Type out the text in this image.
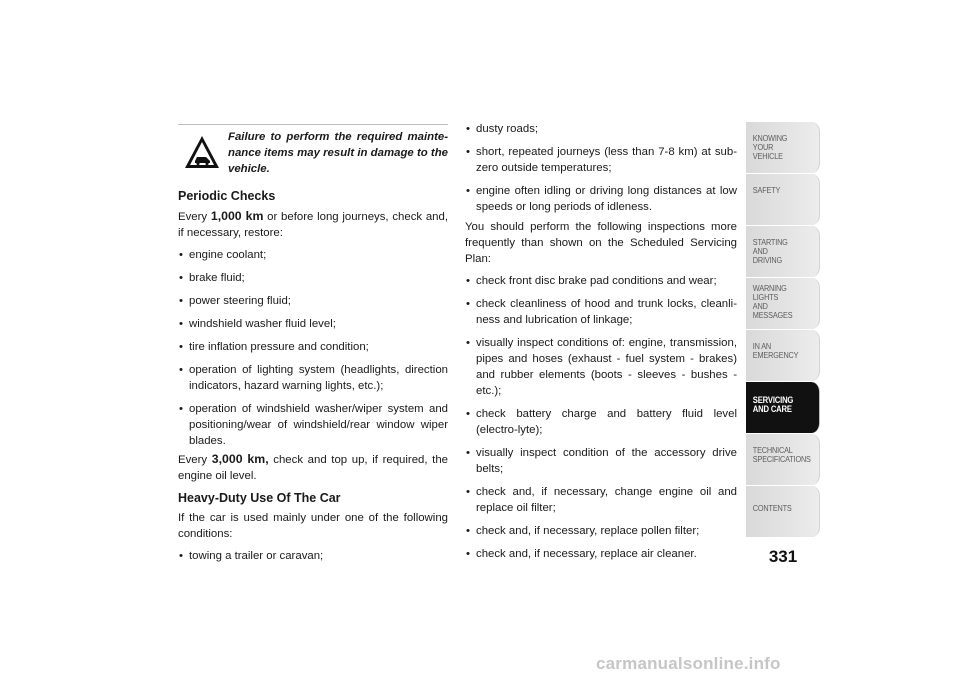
Failure to perform the required mainte-nance items may result in damage to the vehicle.
Periodic Checks
Every 1,000 km or before long journeys, check and, if necessary, restore:
• engine coolant;
• brake fluid;
• power steering fluid;
• windshield washer fluid level;
• tire inflation pressure and condition;
• operation of lighting system (headlights, direction indicators, hazard warning lights, etc.);
• operation of windshield washer/wiper system and positioning/wear of windshield/rear window wiper blades.
Every 3,000 km, check and top up, if required, the engine oil level.
Heavy-Duty Use Of The Car
If the car is used mainly under one of the following conditions:
• towing a trailer or caravan;
• dusty roads;
• short, repeated journeys (less than 7-8 km) at sub-zero outside temperatures;
• engine often idling or driving long distances at low speeds or long periods of idleness.
You should perform the following inspections more frequently than shown on the Scheduled Servicing Plan:
• check front disc brake pad conditions and wear;
• check cleanliness of hood and trunk locks, cleanli-ness and lubrication of linkage;
• visually inspect conditions of: engine, transmission, pipes and hoses (exhaust - fuel system - brakes) and rubber elements (boots - sleeves - bushes - etc.);
• check battery charge and battery fluid level (electro-lyte);
• visually inspect condition of the accessory drive belts;
• check and, if necessary, change engine oil and replace oil filter;
• check and, if necessary, replace pollen filter;
• check and, if necessary, replace air cleaner.
KNOWING
YOUR
VEHICLE
SAFETY
STARTING
AND
DRIVING
WARNING
LIGHTS
AND
MESSAGES
IN AN
EMERGENCY
SERVICING
AND CARE
TECHNICAL
SPECIFICATIONS
CONTENTS
331
carmanualsonline.info
